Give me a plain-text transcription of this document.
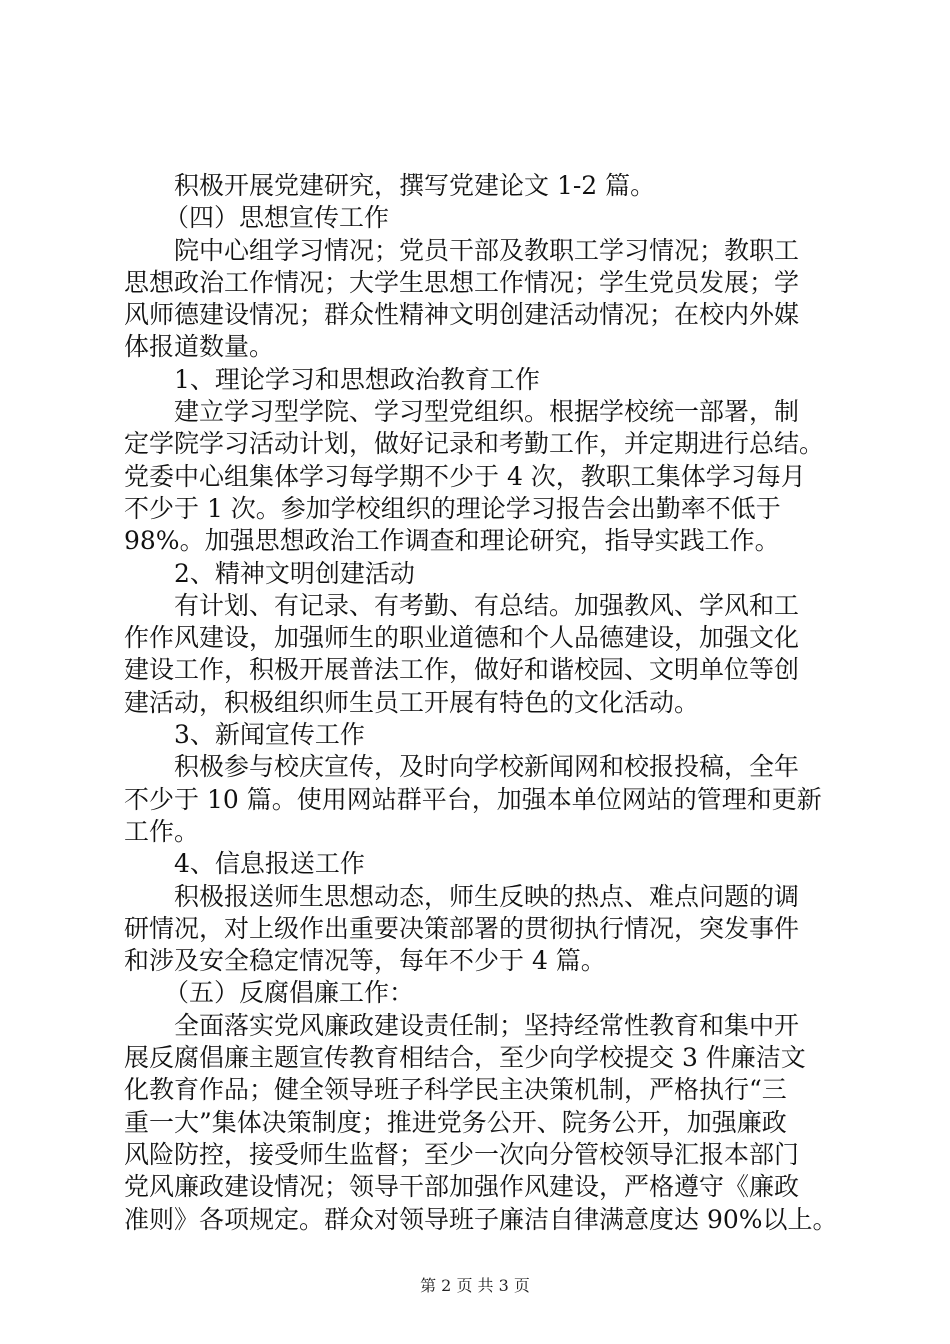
积极开展党建研究，撰写党建论文 1-2 篇。
（四）思想宣传工作
院中心组学习情况；党员干部及教职工学习情况；教职工
思想政治工作情况；大学生思想工作情况；学生党员发展；学
风师德建设情况；群众性精神文明创建活动情况；在校内外媒
体报道数量。
1、理论学习和思想政治教育工作
建立学习型学院、学习型党组织。根据学校统一部署，制
定学院学习活动计划，做好记录和考勤工作，并定期进行总结。
党委中心组集体学习每学期不少于 4 次，教职工集体学习每月
不少于 1 次。参加学校组织的理论学习报告会出勤率不低于
98%。加强思想政治工作调查和理论研究，指导实践工作。
2、精神文明创建活动
有计划、有记录、有考勤、有总结。加强教风、学风和工
作作风建设，加强师生的职业道德和个人品德建设，加强文化
建设工作，积极开展普法工作，做好和谐校园、文明单位等创
建活动，积极组织师生员工开展有特色的文化活动。
3、新闻宣传工作
积极参与校庆宣传，及时向学校新闻网和校报投稿，全年
不少于 10 篇。使用网站群平台，加强本单位网站的管理和更新
工作。
4、信息报送工作
积极报送师生思想动态，师生反映的热点、难点问题的调
研情况，对上级作出重要决策部署的贯彻执行情况，突发事件
和涉及安全稳定情况等，每年不少于 4 篇。
（五）反腐倡廉工作：
全面落实党风廉政建设责任制；坚持经常性教育和集中开
展反腐倡廉主题宣传教育相结合，至少向学校提交 3 件廉洁文
化教育作品；健全领导班子科学民主决策机制，严格执行“三
重一大”集体决策制度；推进党务公开、院务公开，加强廉政
风险防控，接受师生监督；至少一次向分管校领导汇报本部门
党风廉政建设情况；领导干部加强作风建设，严格遵守《廉政
准则》各项规定。群众对领导班子廉洁自律满意度达 90%以上。
第 2 页 共 3 页
